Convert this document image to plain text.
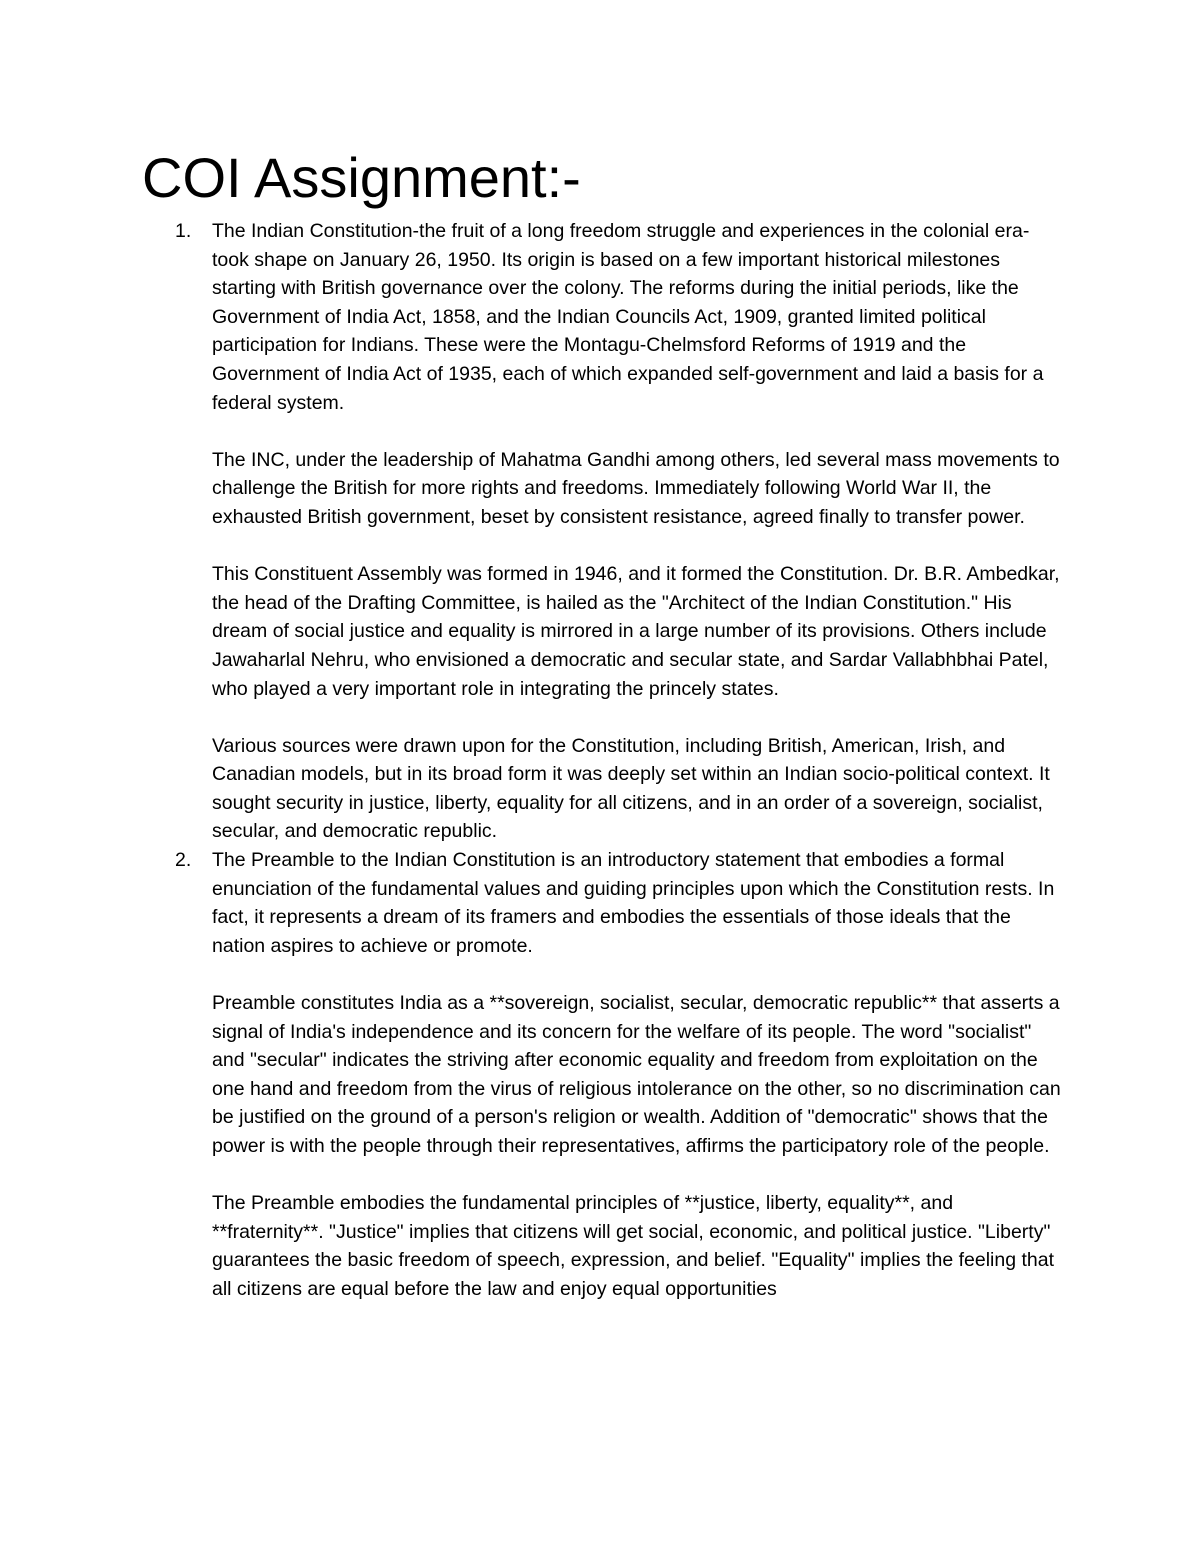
COI Assignment:-
1. The Indian Constitution-the fruit of a long freedom struggle and experiences in the colonial era-took shape on January 26, 1950. Its origin is based on a few important historical milestones starting with British governance over the colony. The reforms during the initial periods, like the Government of India Act, 1858, and the Indian Councils Act, 1909, granted limited political participation for Indians. These were the Montagu-Chelmsford Reforms of 1919 and the Government of India Act of 1935, each of which expanded self-government and laid a basis for a federal system.

The INC, under the leadership of Mahatma Gandhi among others, led several mass movements to challenge the British for more rights and freedoms. Immediately following World War II, the exhausted British government, beset by consistent resistance, agreed finally to transfer power.

This Constituent Assembly was formed in 1946, and it formed the Constitution. Dr. B.R. Ambedkar, the head of the Drafting Committee, is hailed as the "Architect of the Indian Constitution." His dream of social justice and equality is mirrored in a large number of its provisions. Others include Jawaharlal Nehru, who envisioned a democratic and secular state, and Sardar Vallabhbhai Patel, who played a very important role in integrating the princely states.

Various sources were drawn upon for the Constitution, including British, American, Irish, and Canadian models, but in its broad form it was deeply set within an Indian socio-political context. It sought security in justice, liberty, equality for all citizens, and in an order of a sovereign, socialist, secular, and democratic republic.

2. The Preamble to the Indian Constitution is an introductory statement that embodies a formal enunciation of the fundamental values and guiding principles upon which the Constitution rests. In fact, it represents a dream of its framers and embodies the essentials of those ideals that the nation aspires to achieve or promote.

Preamble constitutes India as a **sovereign, socialist, secular, democratic republic** that asserts a signal of India's independence and its concern for the welfare of its people. The word "socialist" and "secular" indicates the striving after economic equality and freedom from exploitation on the one hand and freedom from the virus of religious intolerance on the other, so no discrimination can be justified on the ground of a person's religion or wealth. Addition of "democratic" shows that the power is with the people through their representatives, affirms the participatory role of the people.

The Preamble embodies the fundamental principles of **justice, liberty, equality**, and **fraternity**. "Justice" implies that citizens will get social, economic, and political justice. "Liberty" guarantees the basic freedom of speech, expression, and belief. "Equality" implies the feeling that all citizens are equal before the law and enjoy equal opportunities
